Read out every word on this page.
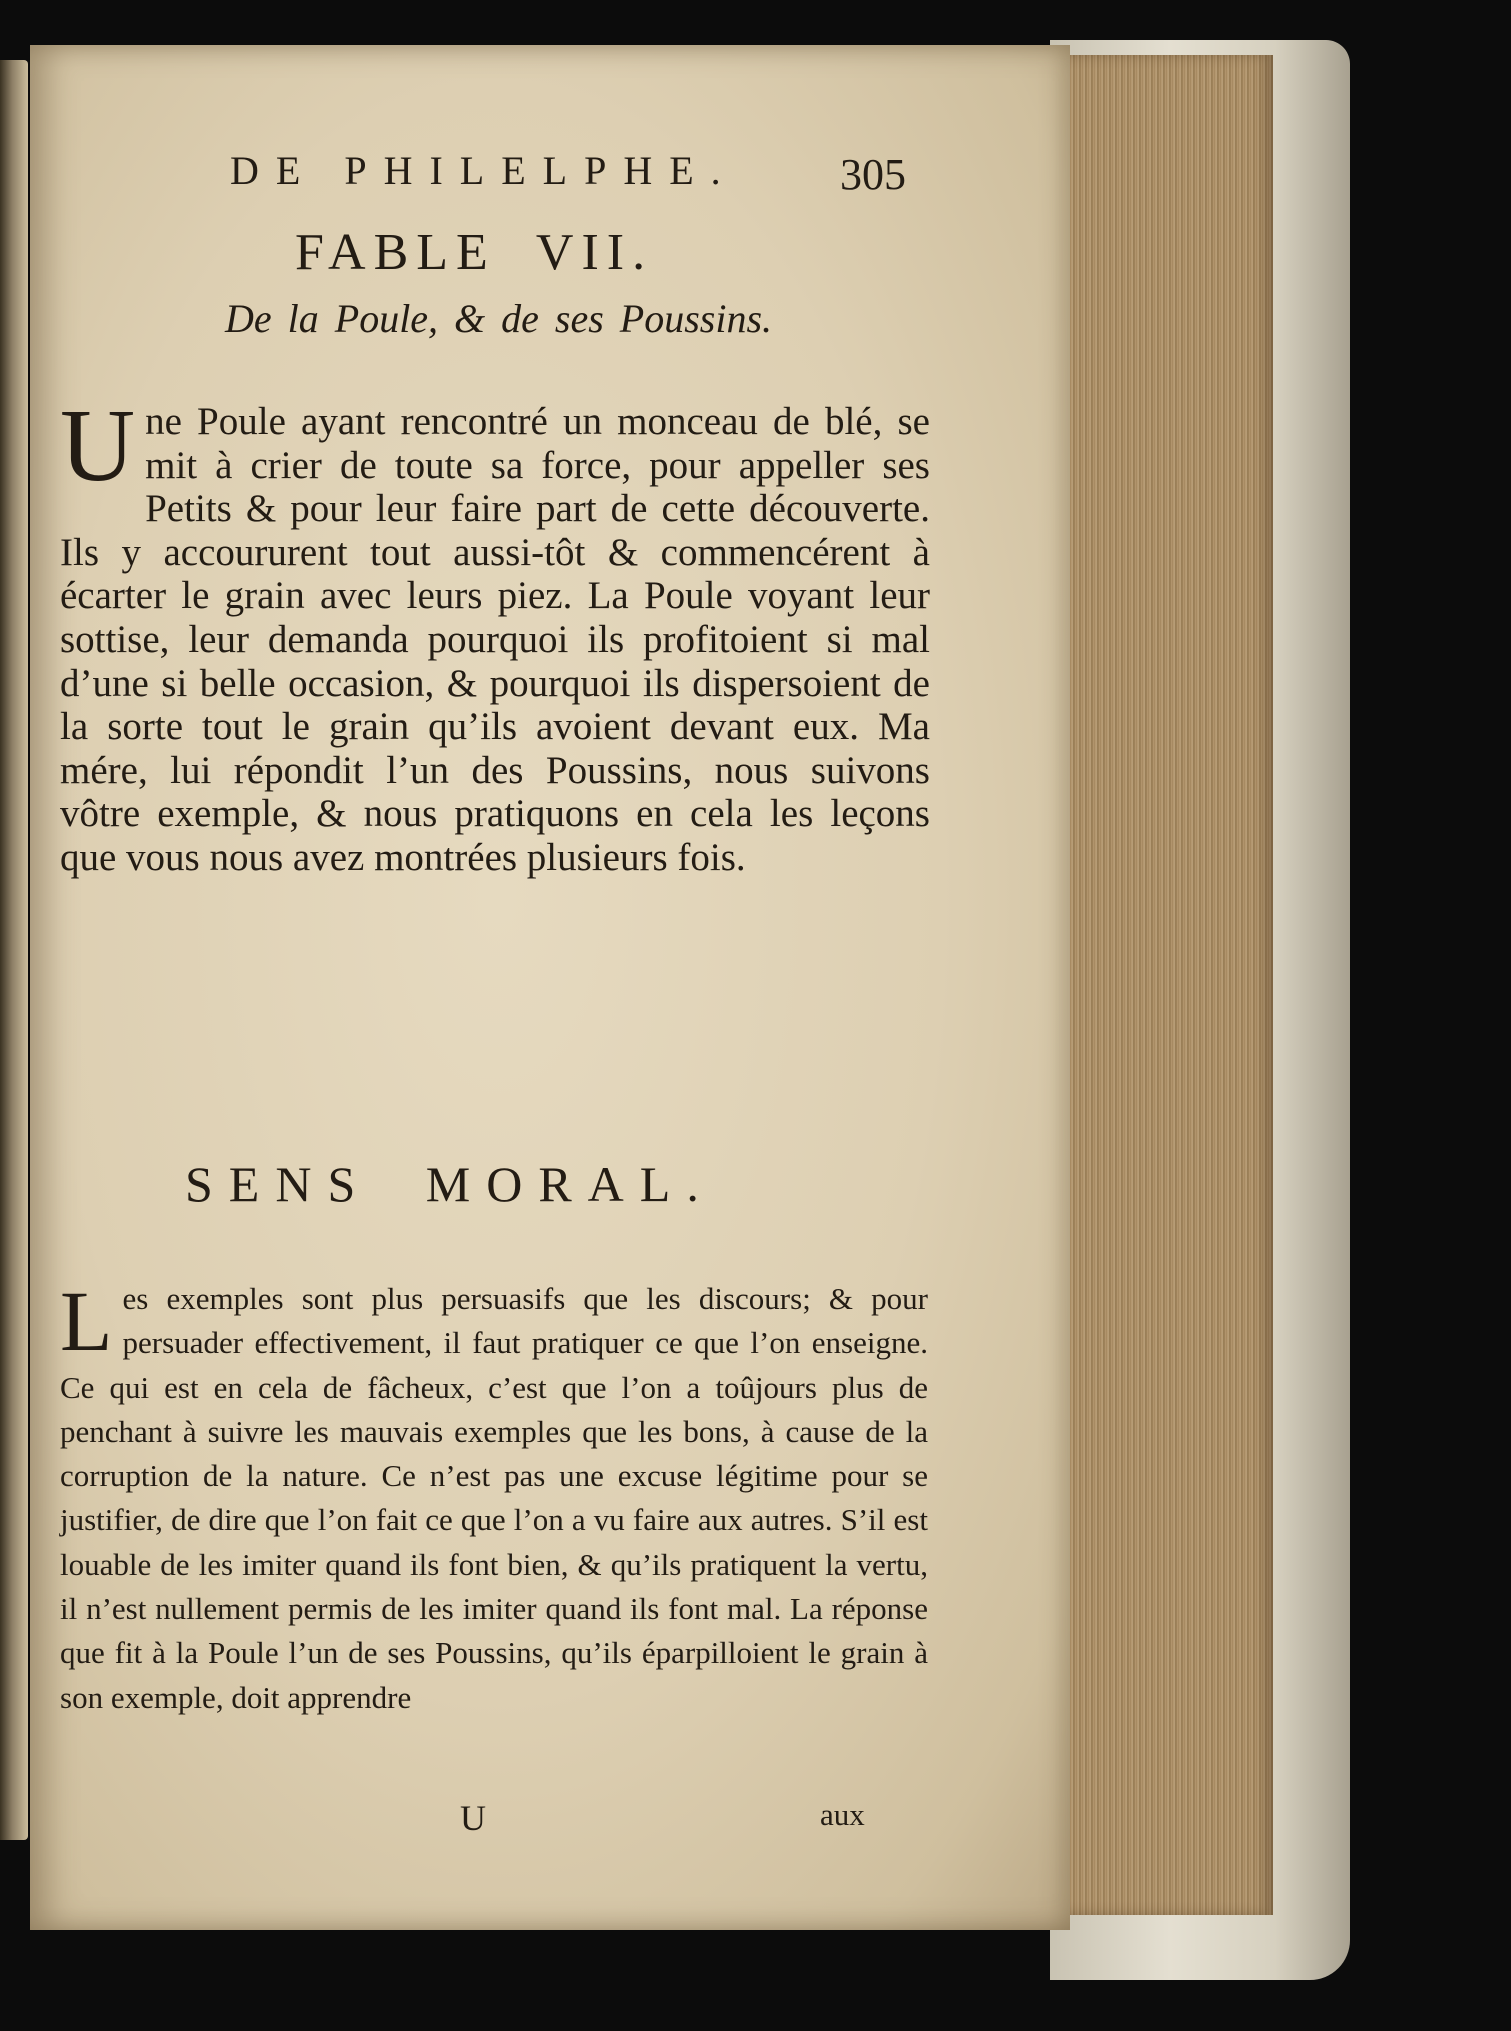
DE PHILELPHE.	305
FABLE VII.
De la Poule, & de ses Poussins.
U ne Poule ayant rencontré un monceau de blé, se mit à crier de toute sa force, pour appeller ses Petits & pour leur faire part de cette découverte. Ils y accoururent tout aussi-tôt & commencérent à écarter le grain avec leurs piez. La Poule voyant leur sottise, leur demanda pourquoi ils profitoient si mal d’une si belle occasion, & pourquoi ils dispersoient de la sorte tout le grain qu’ils avoient devant eux. Ma mére, lui répondit l’un des Poussins, nous suivons vôtre exemple, & nous pratiquons en cela les leçons que vous nous avez montrées plusieurs fois.
SENS MORAL.
L es exemples sont plus persuasifs que les discours; & pour persuader effectivement, il faut pratiquer ce que l’on enseigne. Ce qui est en cela de fâcheux, c’est que l’on a toûjours plus de penchant à suivre les mauvais exemples que les bons, à cause de la corruption de la nature. Ce n’est pas une excuse légitime pour se justifier, de dire que l’on fait ce que l’on a vu faire aux autres. S’il est louable de les imiter quand ils font bien, & qu’ils pratiquent la vertu, il n’est nullement permis de les imiter quand ils font mal. La réponse que fit à la Poule l’un de ses Poussins, qu’ils éparpilloient le grain à son exemple, doit apprendre
U	aux
